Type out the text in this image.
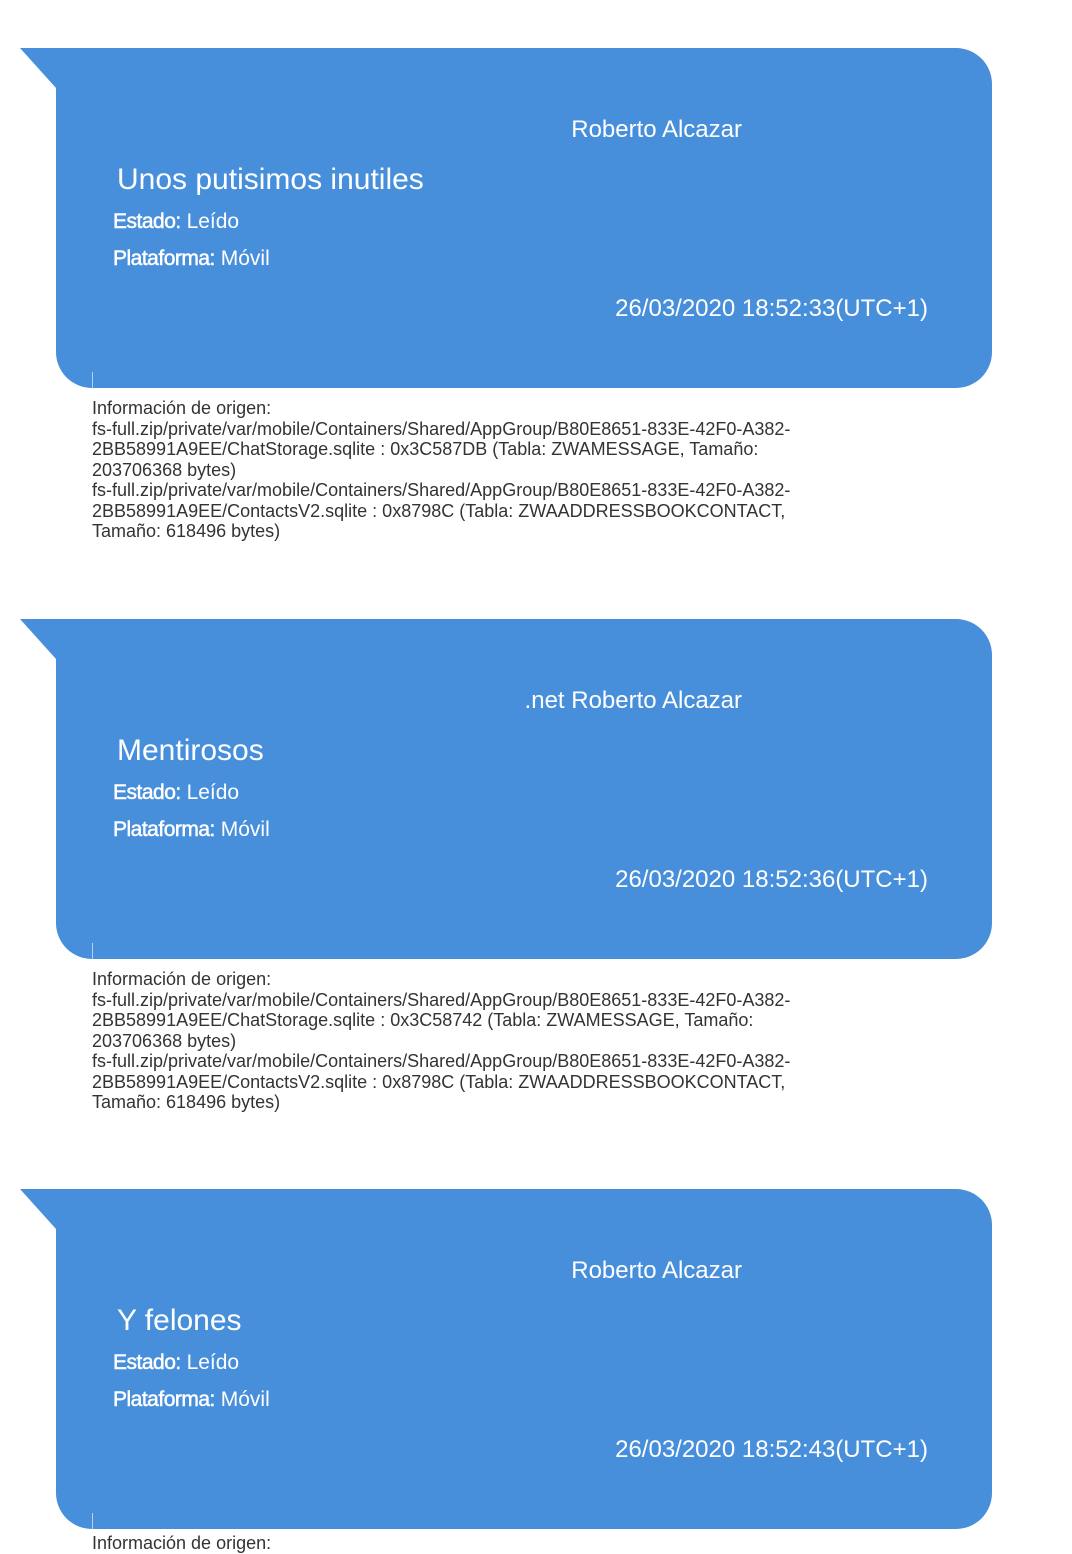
Roberto Alcazar
Unos putisimos inutiles
Estado: Leído
Plataforma: Móvil
26/03/2020 18:52:33(UTC+1)
Información de origen:
fs-full.zip/private/var/mobile/Containers/Shared/AppGroup/B80E8651-833E-42F0-A382-
2BB58991A9EE/ChatStorage.sqlite : 0x3C587DB (Tabla: ZWAMESSAGE, Tamaño:
203706368 bytes)
fs-full.zip/private/var/mobile/Containers/Shared/AppGroup/B80E8651-833E-42F0-A382-
2BB58991A9EE/ContactsV2.sqlite : 0x8798C (Tabla: ZWAADDRESSBOOKCONTACT,
Tamaño: 618496 bytes)
.net Roberto Alcazar
Mentirosos
Estado: Leído
Plataforma: Móvil
26/03/2020 18:52:36(UTC+1)
Información de origen:
fs-full.zip/private/var/mobile/Containers/Shared/AppGroup/B80E8651-833E-42F0-A382-
2BB58991A9EE/ChatStorage.sqlite : 0x3C58742 (Tabla: ZWAMESSAGE, Tamaño:
203706368 bytes)
fs-full.zip/private/var/mobile/Containers/Shared/AppGroup/B80E8651-833E-42F0-A382-
2BB58991A9EE/ContactsV2.sqlite : 0x8798C (Tabla: ZWAADDRESSBOOKCONTACT,
Tamaño: 618496 bytes)
Roberto Alcazar
Y felones
Estado: Leído
Plataforma: Móvil
26/03/2020 18:52:43(UTC+1)
Información de origen:
